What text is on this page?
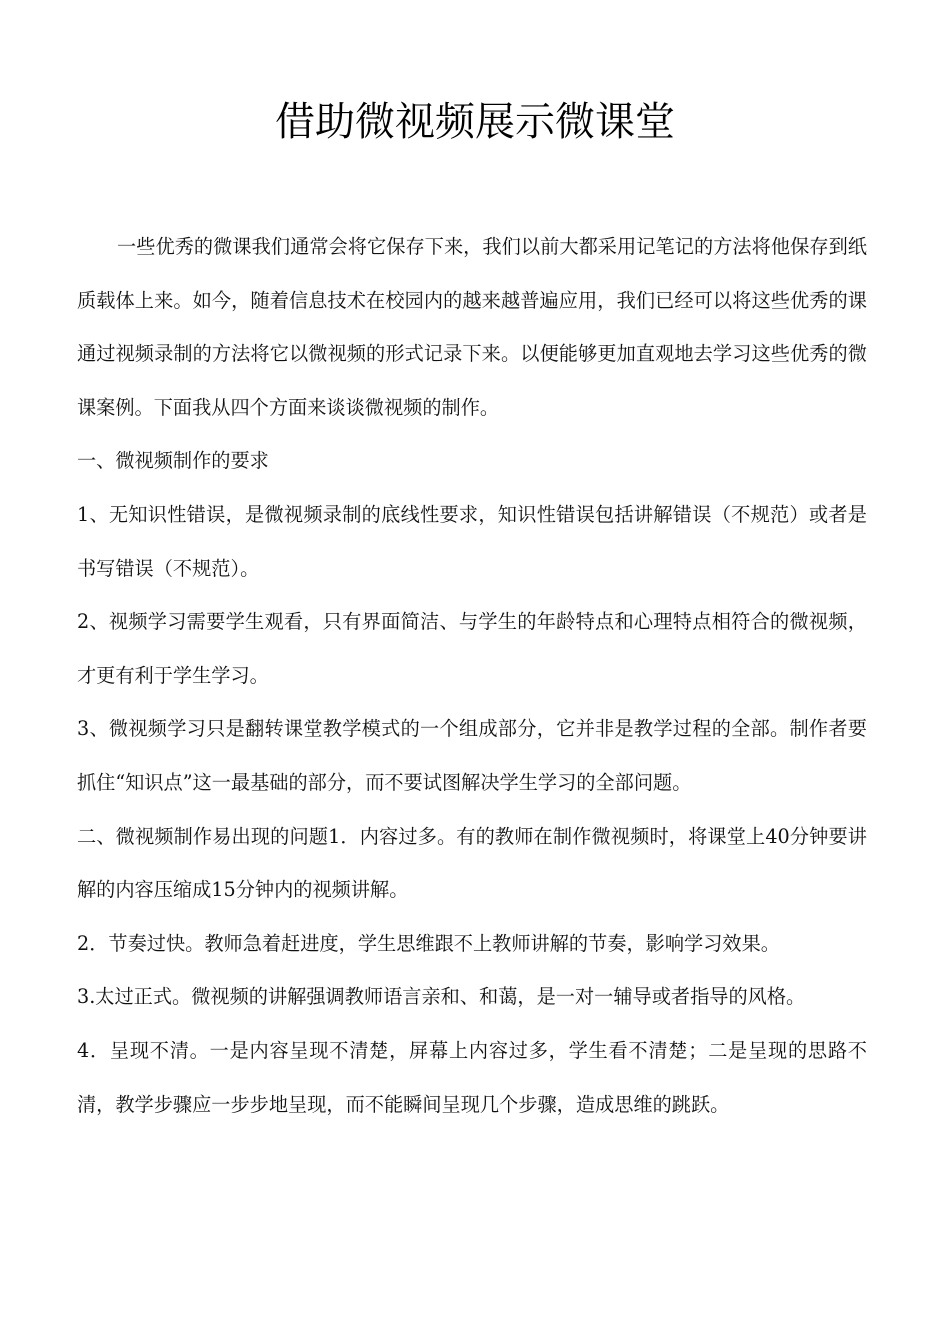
借助微视频展示微课堂

一些优秀的微课我们通常会将它保存下来，我们以前大都采用记笔记的方法将他保存到纸质载体上来。如今，随着信息技术在校园内的越来越普遍应用，我们已经可以将这些优秀的课通过视频录制的方法将它以微视频的形式记录下来。以便能够更加直观地去学习这些优秀的微课案例。下面我从四个方面来谈谈微视频的制作。

一、微视频制作的要求

1、无知识性错误，是微视频录制的底线性要求，知识性错误包括讲解错误（不规范）或者是书写错误（不规范）。

2、视频学习需要学生观看，只有界面简洁、与学生的年龄特点和心理特点相符合的微视频，才更有利于学生学习。

3、微视频学习只是翻转课堂教学模式的一个组成部分，它并非是教学过程的全部。制作者要抓住“知识点”这一最基础的部分，而不要试图解决学生学习的全部问题。

二、微视频制作易出现的问题1．内容过多。有的教师在制作微视频时，将课堂上40分钟要讲解的内容压缩成15分钟内的视频讲解。

2．节奏过快。教师急着赶进度，学生思维跟不上教师讲解的节奏，影响学习效果。

3.太过正式。微视频的讲解强调教师语言亲和、和蔼，是一对一辅导或者指导的风格。

4．呈现不清。一是内容呈现不清楚，屏幕上内容过多，学生看不清楚；二是呈现的思路不清，教学步骤应一步步地呈现，而不能瞬间呈现几个步骤，造成思维的跳跃。
